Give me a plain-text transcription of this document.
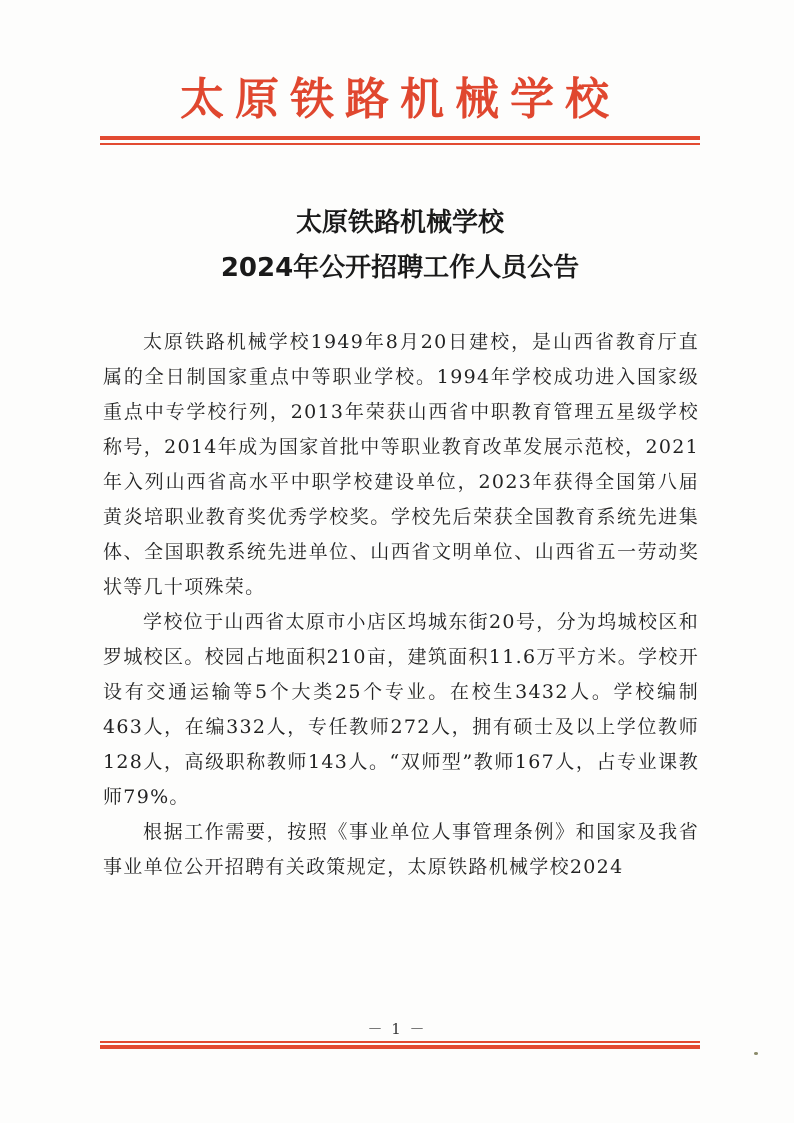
太原铁路机械学校
太原铁路机械学校
2024年公开招聘工作人员公告

太原铁路机械学校1949年8月20日建校，是山西省教育厅直属的全日制国家重点中等职业学校。1994年学校成功进入国家级重点中专学校行列，2013年荣获山西省中职教育管理五星级学校称号，2014年成为国家首批中等职业教育改革发展示范校，2021年入列山西省高水平中职学校建设单位，2023年获得全国第八届黄炎培职业教育奖优秀学校奖。学校先后荣获全国教育系统先进集体、全国职教系统先进单位、山西省文明单位、山西省五一劳动奖状等几十项殊荣。

学校位于山西省太原市小店区坞城东街20号，分为坞城校区和罗城校区。校园占地面积210亩，建筑面积11.6万平方米。学校开设有交通运输等5个大类25个专业。在校生3432人。学校编制463人，在编332人，专任教师272人，拥有硕士及以上学位教师128人，高级职称教师143人。“双师型”教师167人，占专业课教师79%。

根据工作需要，按照《事业单位人事管理条例》和国家及我省事业单位公开招聘有关政策规定，太原铁路机械学校2024

－ 1 －
